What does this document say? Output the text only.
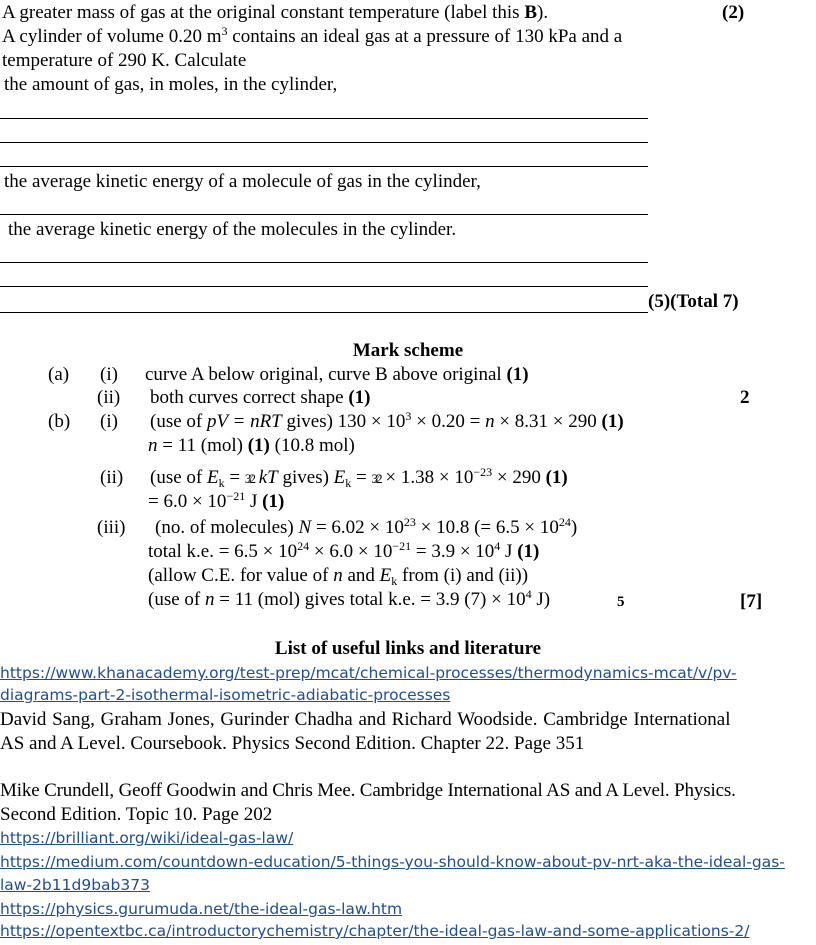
A greater mass of gas at the original constant temperature (label this B).	(2)
A cylinder of volume 0.20 $m^3$ contains an ideal gas at a pressure of 130 kPa and a
temperature of 290 K. Calculate
the amount of gas, in moles, in the cylinder,
the average kinetic energy of a molecule of gas in the cylinder,
the average kinetic energy of the molecules in the cylinder.
(5)(Total 7)
Mark scheme
(a) (i) curve A below original, curve B above original (1)
(ii) both curves correct shape (1)	2
(b) (i) (use of pV = nRT gives) $130 \times 10^3 \times 0.20 = n \times 8.31 \times 290$ (1)
n = 11 (mol) (1) (10.8 mol)
(ii) (use of $E_k$ = 3⁄2 kT gives) $E_k$ = 3⁄2 × $1.38 \times 10^{-23} \times 290$ (1)
= $6.0 \times 10^{-21}$ J (1)
(iii) (no. of molecules) $N = 6.02 \times 10^{23} \times 10.8$ (= $6.5 \times 10^{24}$)
total k.e. = $6.5 \times 10^{24} \times 6.0 \times 10^{-21} = 3.9 \times 10^4$ J (1)
(allow C.E. for value of n and $E_k$ from (i) and (ii))
(use of n = 11 (mol) gives total k.e. = 3.9 $(7) \times 10^4$ J)	5	[7]
List of useful links and literature
https://www.khanacademy.org/test-prep/mcat/chemical-processes/thermodynamics-mcat/v/pv-
diagrams-part-2-isothermal-isometric-adiabatic-processes
David Sang, Graham Jones, Gurinder Chadha and Richard Woodside. Cambridge International
AS and A Level. Coursebook. Physics Second Edition. Chapter 22. Page 351
Mike Crundell, Geoff Goodwin and Chris Mee. Cambridge International AS and A Level. Physics.
Second Edition. Topic 10. Page 202
https://brilliant.org/wiki/ideal-gas-law/
https://medium.com/countdown-education/5-things-you-should-know-about-pv-nrt-aka-the-ideal-gas-
law-2b11d9bab373
https://physics.gurumuda.net/the-ideal-gas-law.htm
https://opentextbc.ca/introductorychemistry/chapter/the-ideal-gas-law-and-some-applications-2/
